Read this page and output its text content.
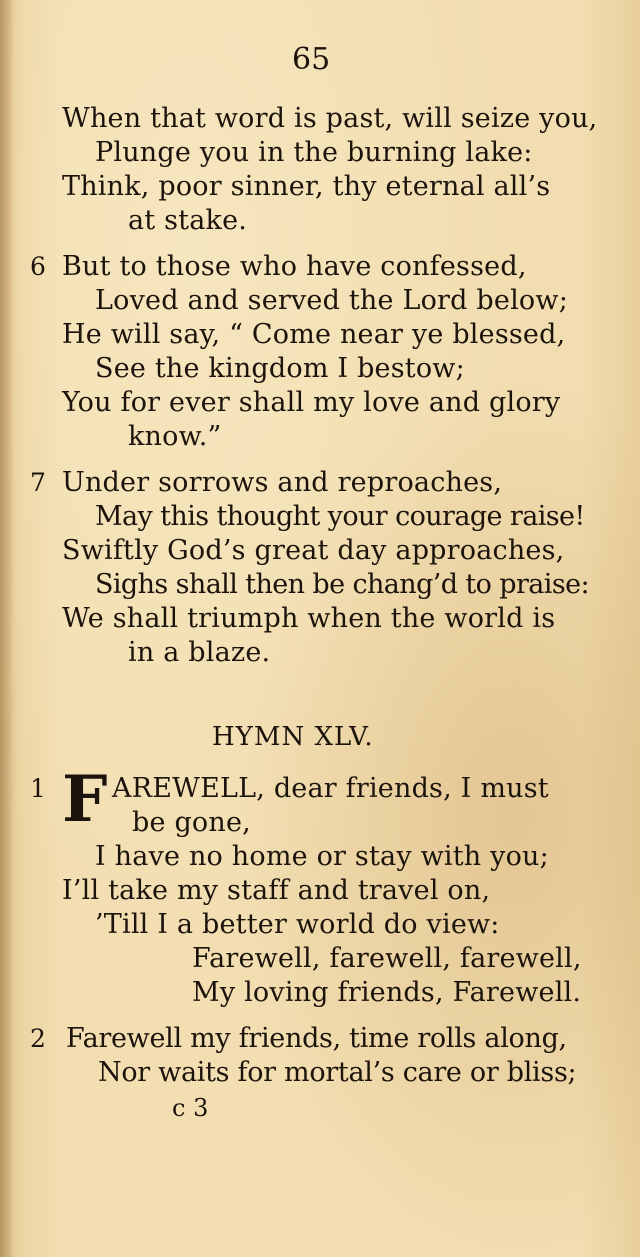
65
When that word is past, will seize you,
Plunge you in the burning lake:
Think, poor sinner, thy eternal all’s
at stake.
6 But to those who have confessed,
Loved and served the Lord below;
He will say, “ Come near ye blessed,
See the kingdom I bestow;
You for ever shall my love and glory
know.”
7 Under sorrows and reproaches,
May this thought your courage raise!
Swiftly God’s great day approaches,
Sighs shall then be chang’d to praise:
We shall triumph when the world is
in a blaze.
HYMN XLV.
1 F AREWELL, dear friends, I must
be gone,
I have no home or stay with you;
I’ll take my staff and travel on,
’Till I a better world do view:
Farewell, farewell, farewell,
My loving friends, Farewell.
2 Farewell my friends, time rolls along,
Nor waits for mortal’s care or bliss;
c 3
